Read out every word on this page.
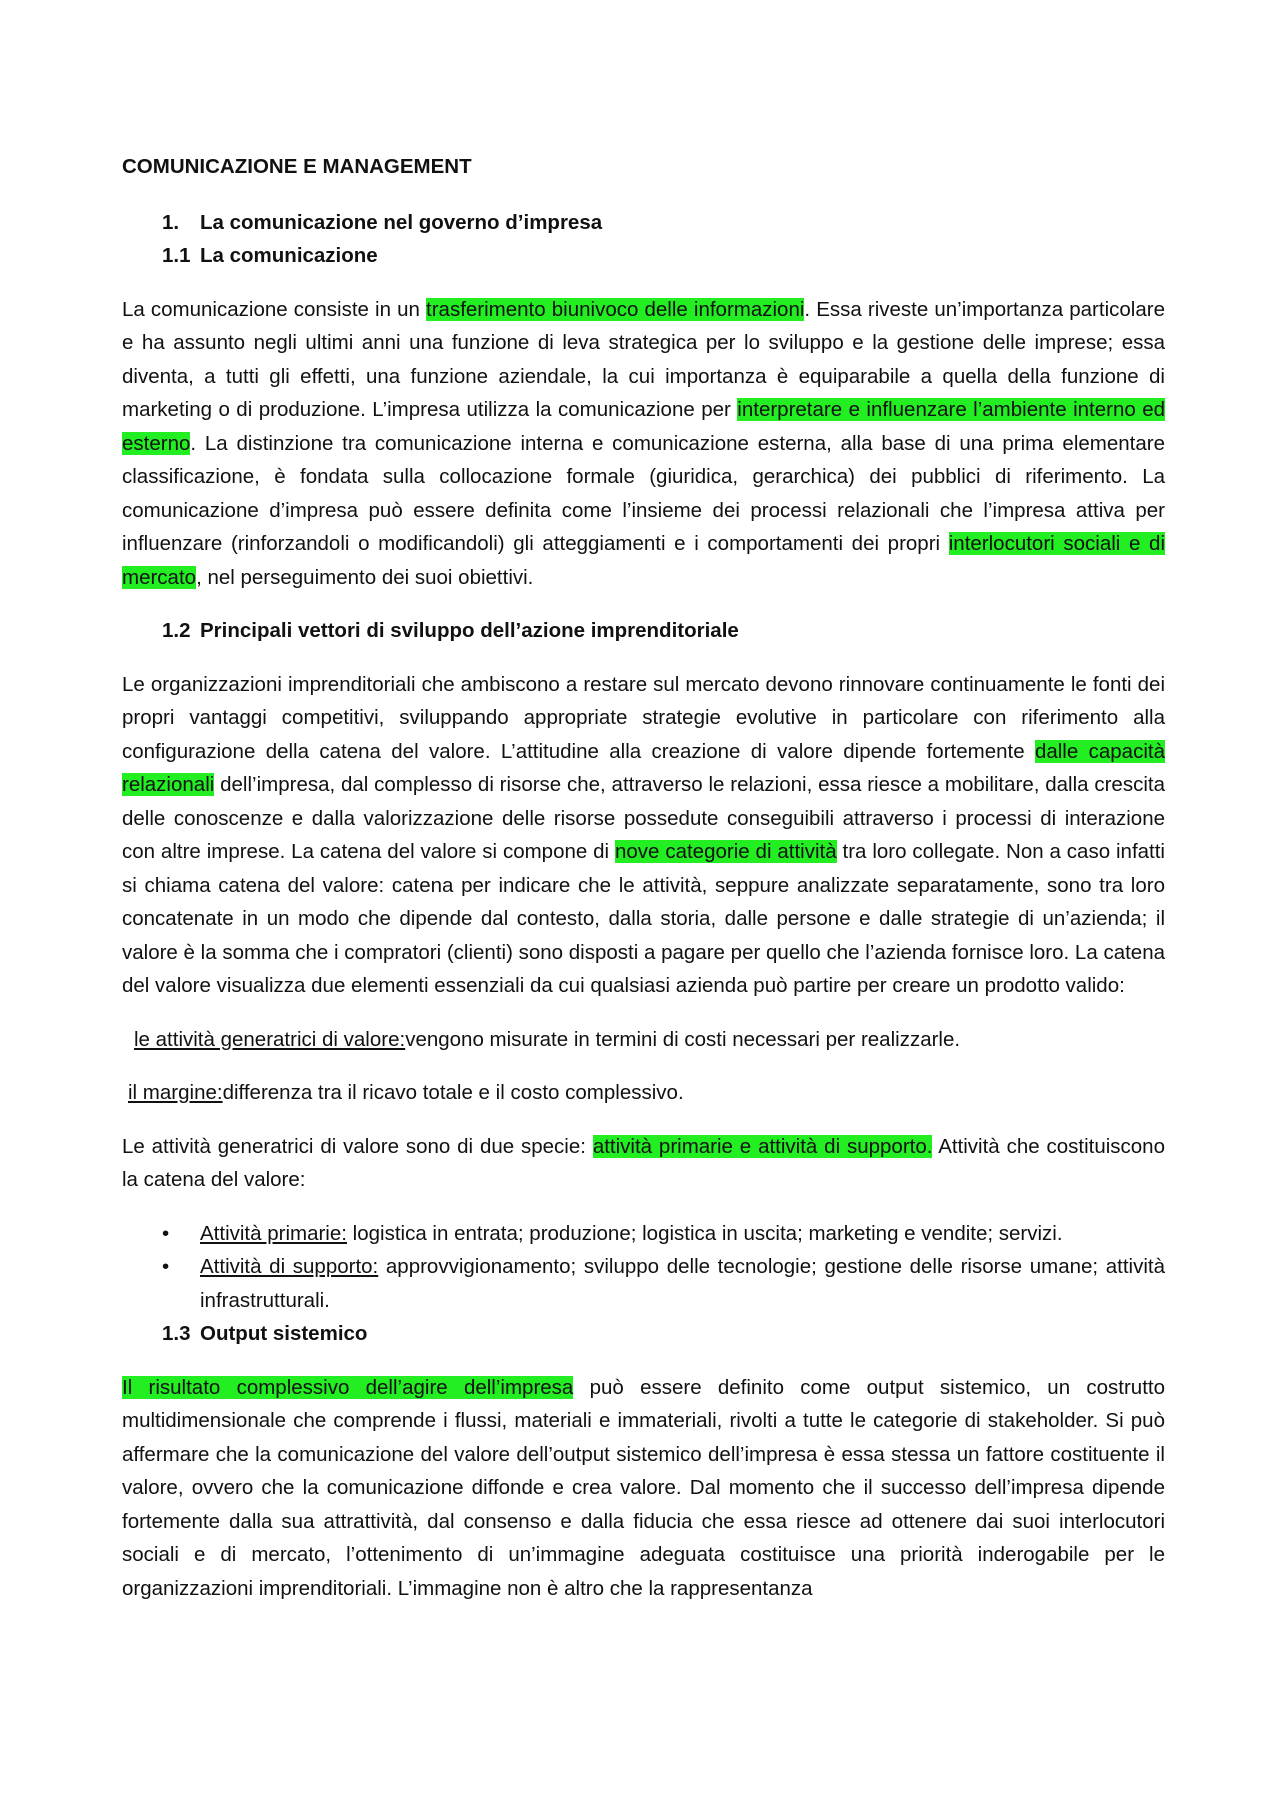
COMUNICAZIONE E MANAGEMENT

1. La comunicazione nel governo d’impresa

1.1 La comunicazione

La comunicazione consiste in un trasferimento biunivoco delle informazioni. Essa riveste un’importanza particolare e ha assunto negli ultimi anni una funzione di leva strategica per lo sviluppo e la gestione delle imprese; essa diventa, a tutti gli effetti, una funzione aziendale, la cui importanza è equiparabile a quella della funzione di marketing o di produzione. L’impresa utilizza la comunicazione per interpretare e influenzare l’ambiente interno ed esterno. La distinzione tra comunicazione interna e comunicazione esterna, alla base di una prima elementare classificazione, è fondata sulla collocazione formale (giuridica, gerarchica) dei pubblici di riferimento. La comunicazione d’impresa può essere definita come l’insieme dei processi relazionali che l’impresa attiva per influenzare (rinforzandoli o modificandoli) gli atteggiamenti e i comportamenti dei propri interlocutori sociali e di mercato, nel perseguimento dei suoi obiettivi.

1.2 Principali vettori di sviluppo dell’azione imprenditoriale

Le organizzazioni imprenditoriali che ambiscono a restare sul mercato devono rinnovare continuamente le fonti dei propri vantaggi competitivi, sviluppando appropriate strategie evolutive in particolare con riferimento alla configurazione della catena del valore. L’attitudine alla creazione di valore dipende fortemente dalle capacità relazionali dell’impresa, dal complesso di risorse che, attraverso le relazioni, essa riesce a mobilitare, dalla crescita delle conoscenze e dalla valorizzazione delle risorse possedute conseguibili attraverso i processi di interazione con altre imprese. La catena del valore si compone di nove categorie di attività tra loro collegate. Non a caso infatti si chiama catena del valore: catena per indicare che le attività, seppure analizzate separatamente, sono tra loro concatenate in un modo che dipende dal contesto, dalla storia, dalle persone e dalle strategie di un’azienda; il valore è la somma che i compratori (clienti) sono disposti a pagare per quello che l’azienda fornisce loro. La catena del valore visualizza due elementi essenziali da cui qualsiasi azienda può partire per creare un prodotto valido:

le attività generatrici di valore:vengono misurate in termini di costi necessari per realizzarle.

il margine:differenza tra il ricavo totale e il costo complessivo.

Le attività generatrici di valore sono di due specie: attività primarie e attività di supporto. Attività che costituiscono la catena del valore:

• Attività primarie: logistica in entrata; produzione; logistica in uscita; marketing e vendite; servizi.
• Attività di supporto: approvvigionamento; sviluppo delle tecnologie; gestione delle risorse umane; attività infrastrutturali.

1.3 Output sistemico

Il risultato complessivo dell’agire dell’impresa può essere definito come output sistemico, un costrutto multidimensionale che comprende i flussi, materiali e immateriali, rivolti a tutte le categorie di stakeholder. Si può affermare che la comunicazione del valore dell’output sistemico dell’impresa è essa stessa un fattore costituente il valore, ovvero che la comunicazione diffonde e crea valore. Dal momento che il successo dell’impresa dipende fortemente dalla sua attrattività, dal consenso e dalla fiducia che essa riesce ad ottenere dai suoi interlocutori sociali e di mercato, l’ottenimento di un’immagine adeguata costituisce una priorità inderogabile per le organizzazioni imprenditoriali. L’immagine non è altro che la rappresentanza
